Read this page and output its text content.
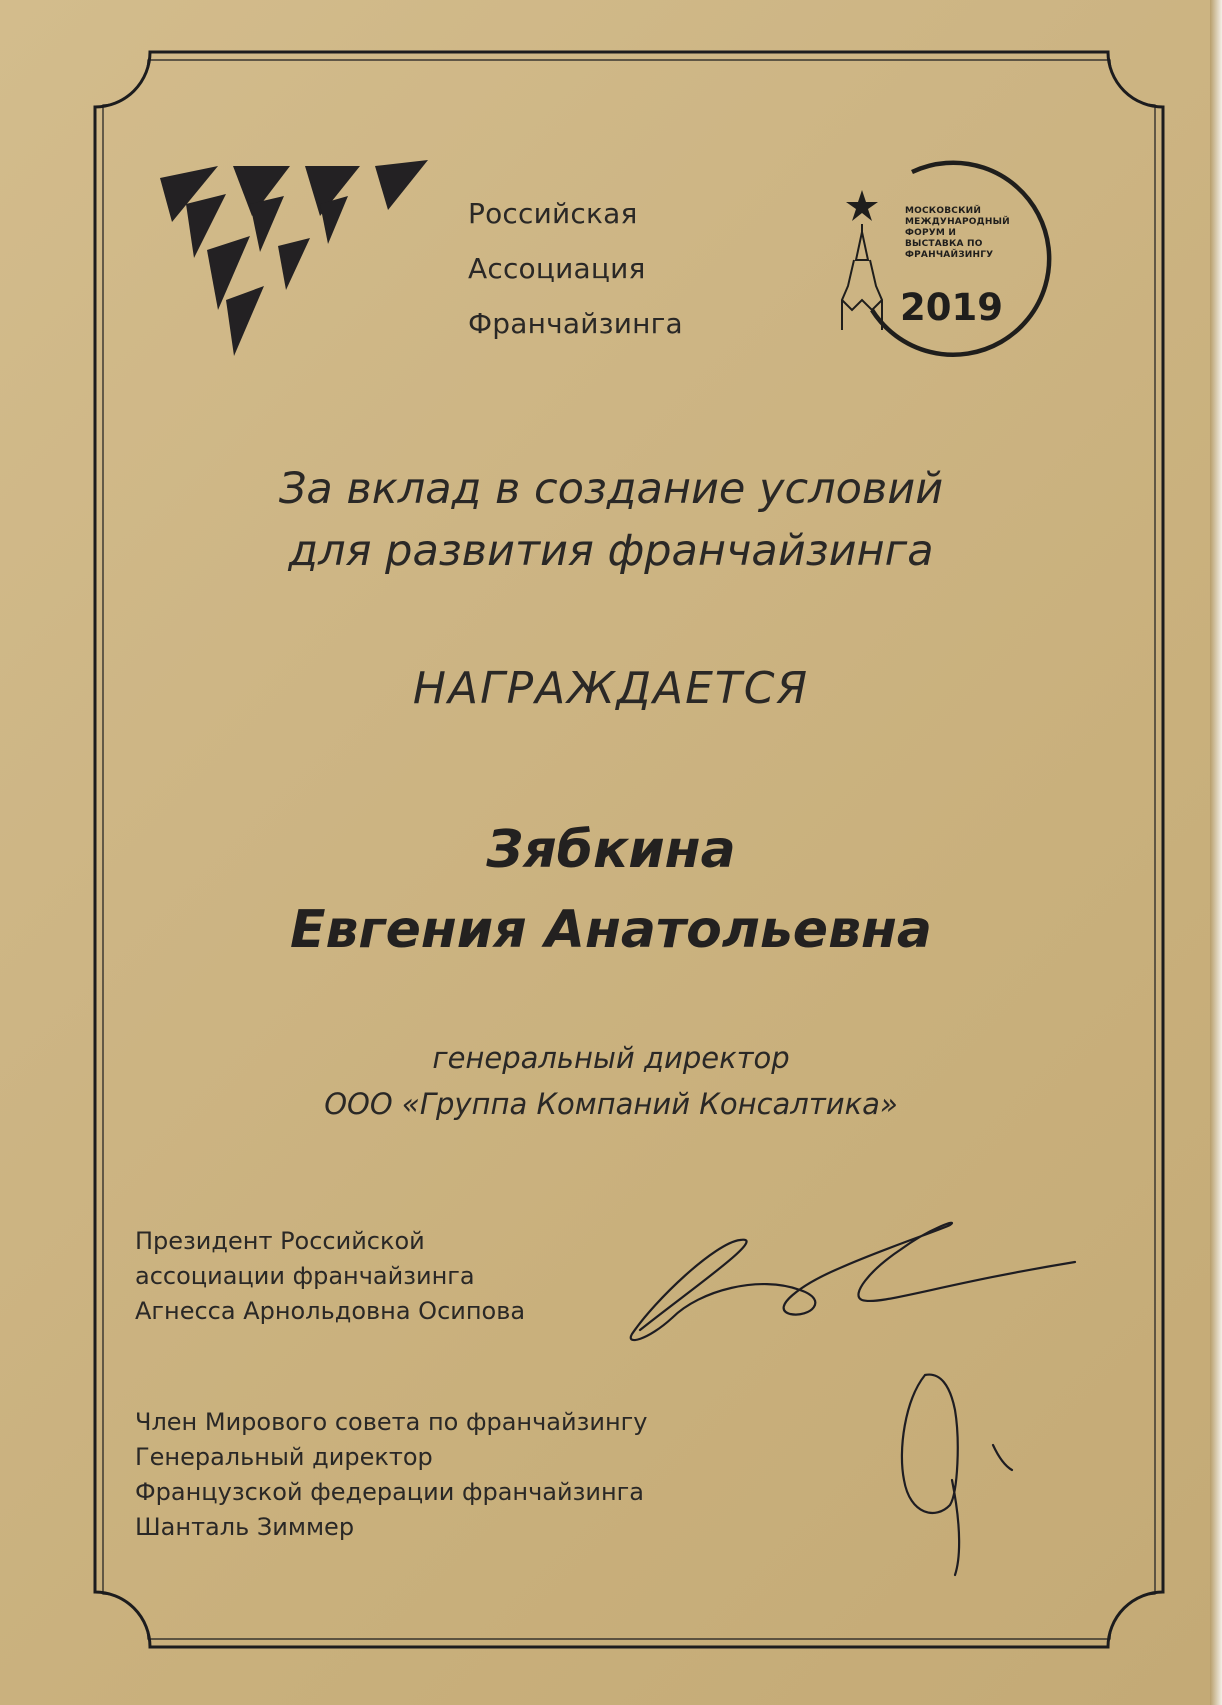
Российская
Ассоциация
Франчайзинга
МОСКОВСКИЙ
МЕЖДУНАРОДНЫЙ
ФОРУМ И
ВЫСТАВКА ПО
ФРАНЧАЙЗИНГУ
2019
За вклад в создание условий
для развития франчайзинга
НАГРАЖДАЕТСЯ
Зябкина
Евгения Анатольевна
генеральный директор
ООО «Группа Компаний Консалтика»
Президент Российской
ассоциации франчайзинга
Агнесса Арнольдовна Осипова
Член Мирового совета по франчайзингу
Генеральный директор
Французской федерации франчайзинга
Шанталь Зиммер
